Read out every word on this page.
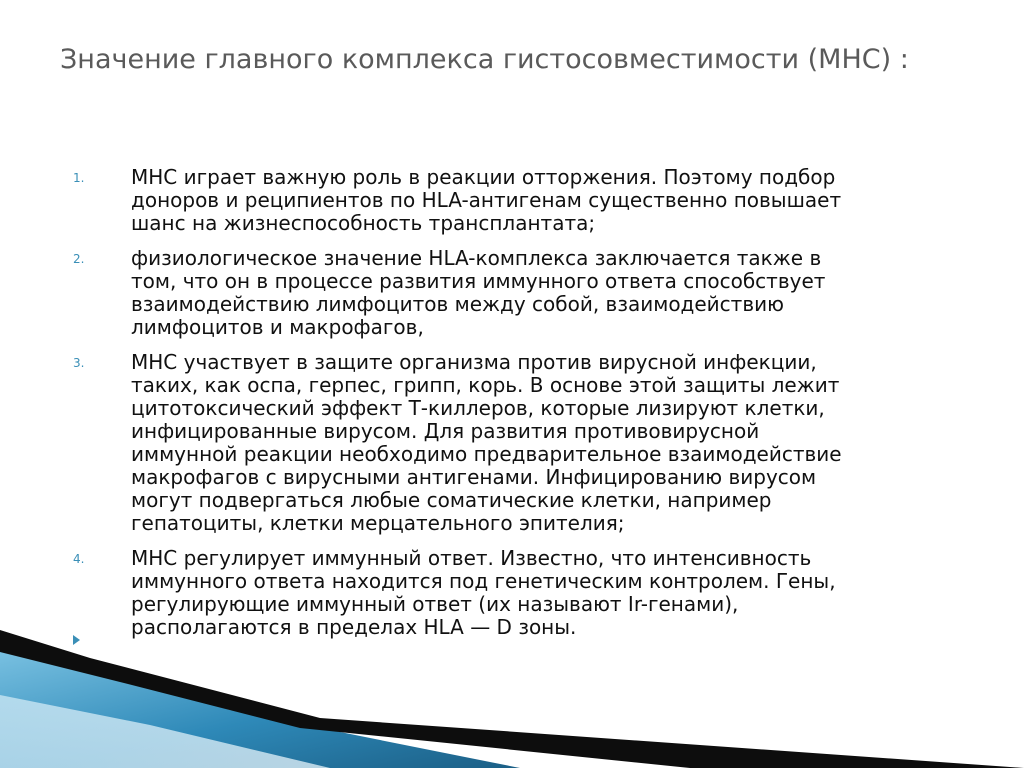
Значение главного комплекса гистосовместимости (МНС) :
1. МНС играет важную роль в реакции отторжения. Поэтому подбор
доноров и реципиентов по HLA-антигенам существенно повышает
шанс на жизнеспособность трансплантата;
2. физиологическое значение HLA-комплекса заключается также в
том, что он в процессе развития иммунного ответа способствует
взаимодействию лимфоцитов между собой, взаимодействию
лимфоцитов и макрофагов,
3. МНС участвует в защите организма против вирусной инфекции,
таких, как оспа, герпес, грипп, корь. В основе этой защиты лежит
цитотоксический эффект Т-киллеров, которые лизируют клетки,
инфицированные вирусом. Для развития противовирусной
иммунной реакции необходимо предварительное взаимодействие
макрофагов с вирусными антигенами. Инфицированию вирусом
могут подвергаться любые соматические клетки, например
гепатоциты, клетки мерцательного эпителия;
4. МНС регулирует иммунный ответ. Известно, что интенсивность
иммунного ответа находится под генетическим контролем. Гены,
регулирующие иммунный ответ (их называют Ir-генами),
располагаются в пределах HLA — D зоны.
